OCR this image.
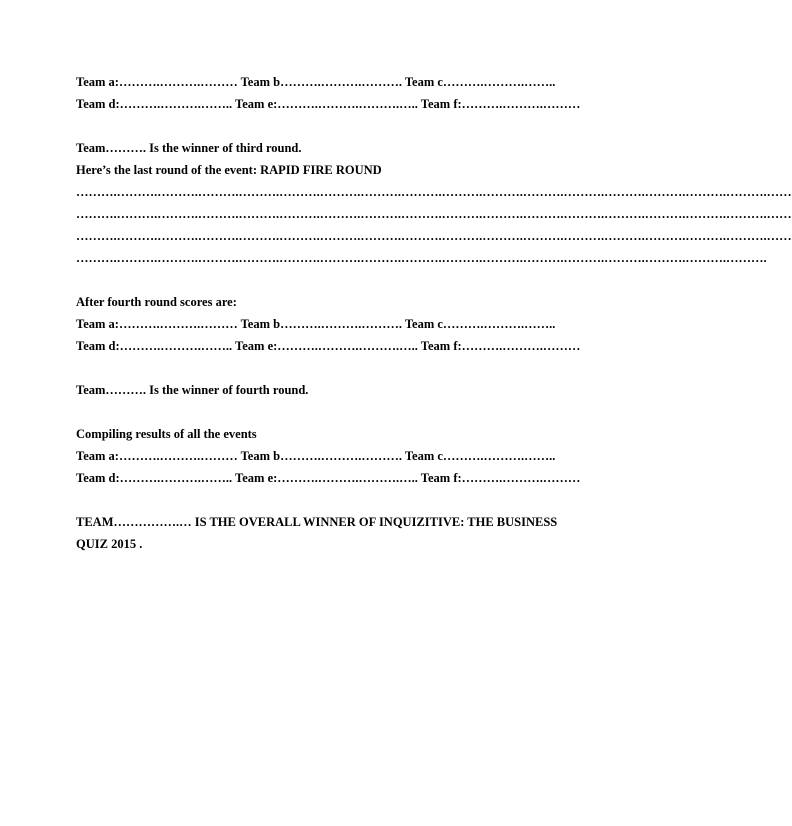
Team a:……….……….……… Team b……….……….………. Team c……….……….……..
Team d:……….……….…….. Team e:……….……….……….….. Team f:……….……….………
Team………. Is the winner of third round.
Here’s the last round of the event: RAPID FIRE ROUND
……….……….……….……….……….……….……….……….……….……….……….……….……….……….……….……….……….……
……….……….……….……….……….……….……….……….……….……….……….……….……….……….……….……….……….……
……….……….……….……….……….……….……….……….……….……….……….……….……….……….……….……….……….……
……….……….……….……….……….……….……….……….……….……….……….……….……….……….……….……….……….
After fourth round scores are:
Team a:……….……….……… Team b……….……….………. Team c……….……….……..
Team d:……….……….…….. Team e:……….……….……….….. Team f:……….……….………
Team………. Is the winner of fourth round.
Compiling results of all the events
Team a:……….……….……… Team b……….……….………. Team c……….……….……..
Team d:……….……….…….. Team e:……….……….……….….. Team f:……….……….………
TEAM…………….… IS THE OVERALL WINNER OF INQUIZITIVE: THE BUSINESS QUIZ 2015 .
